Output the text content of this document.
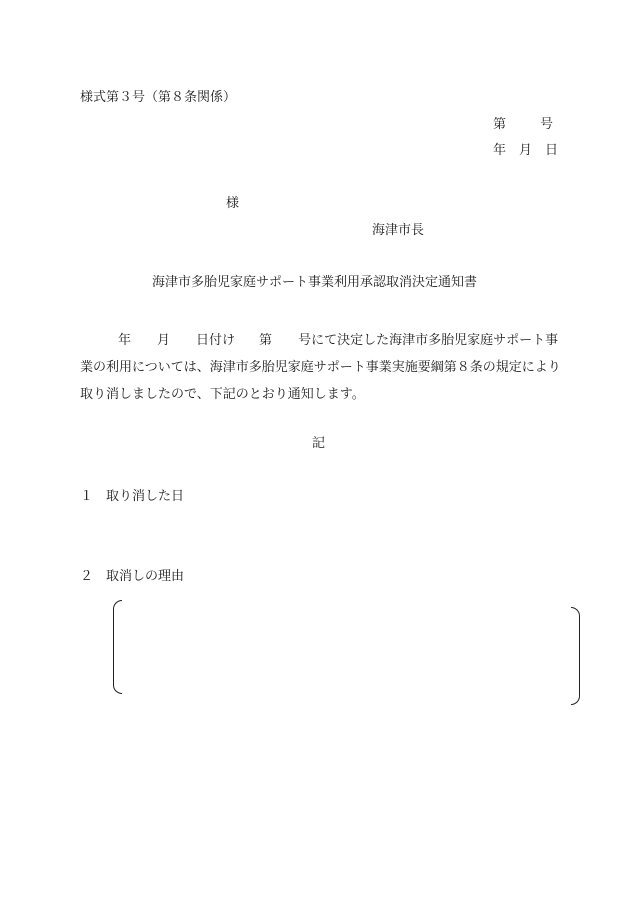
様式第３号（第８条関係）
第	号
年 月 日
様
海津市長
海津市多胎児家庭サポート事業利用承認取消決定通知書
年 月 日付け 第 号にて決定した海津市多胎児家庭サポート事業の利用については、海津市多胎児家庭サポート事業実施要綱第８条の規定により取り消しましたので、下記のとおり通知します。
記
１ 取り消した日
２ 取消しの理由
